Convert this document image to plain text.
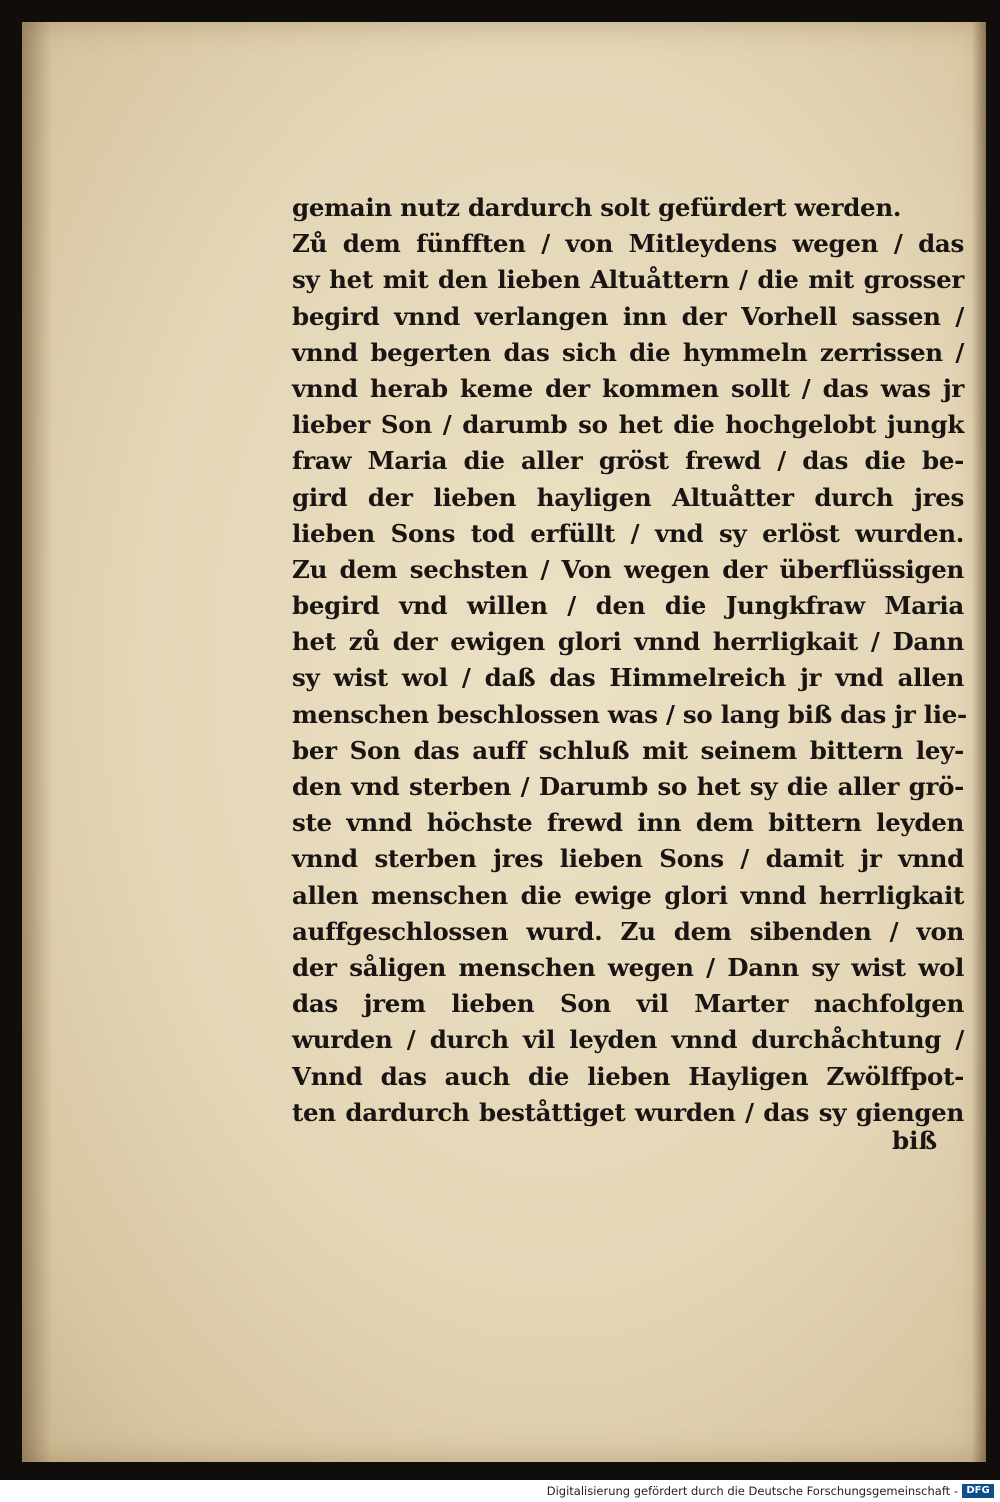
gemain nutz dardurch solt gefürdert werden.
Zů dem fünfften / von Mitleydens wegen / das
sy het mit den lieben Altuåttern / die mit grosser
begird vnnd verlangen inn der Vorhell sassen /
vnnd begerten das sich die hymmeln zerrissen /
vnnd herab keme der kommen sollt / das was jr
lieber Son / darumb so het die hochgelobt jungk
fraw Maria die aller gröst frewd / das die be-
gird der lieben hayligen Altuåtter durch jres
lieben Sons tod erfüllt / vnd sy erlöst wurden.
Zu dem sechsten / Von wegen der überflüssigen
begird vnd willen / den die Jungkfraw Maria
het zů der ewigen glori vnnd herrligkait / Dann
sy wist wol / daß das Himmelreich jr vnd allen
menschen beschlossen was / so lang biß das jr lie-
ber Son das auff schluß mit seinem bittern ley-
den vnd sterben / Darumb so het sy die aller grö-
ste vnnd höchste frewd inn dem bittern leyden
vnnd sterben jres lieben Sons / damit jr vnnd
allen menschen die ewige glori vnnd herrligkait
auffgeschlossen wurd. Zu dem sibenden / von
der såligen menschen wegen / Dann sy wist wol
das jrem lieben Son vil Marter nachfolgen
wurden / durch vil leyden vnnd durchåchtung /
Vnnd das auch die lieben Hayligen Zwölffpot-
ten dardurch beståttiget wurden / das sy giengen
biß
Digitalisierung gefördert durch die Deutsche Forschungsgemeinschaft - DFG
